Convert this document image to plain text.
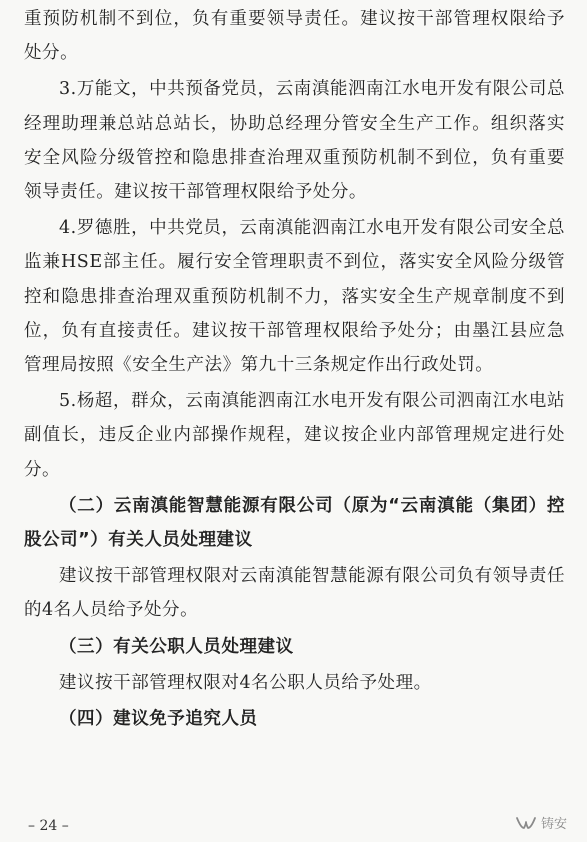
重预防机制不到位，负有重要领导责任。建议按干部管理权限给予处分。

3.万能文，中共预备党员，云南滇能泗南江水电开发有限公司总经理助理兼总站总站长，协助总经理分管安全生产工作。组织落实安全风险分级管控和隐患排查治理双重预防机制不到位，负有重要领导责任。建议按干部管理权限给予处分。

4.罗德胜，中共党员，云南滇能泗南江水电开发有限公司安全总监兼HSE部主任。履行安全管理职责不到位，落实安全风险分级管控和隐患排查治理双重预防机制不力，落实安全生产规章制度不到位，负有直接责任。建议按干部管理权限给予处分；由墨江县应急管理局按照《安全生产法》第九十三条规定作出行政处罚。

5.杨超，群众，云南滇能泗南江水电开发有限公司泗南江水电站副值长，违反企业内部操作规程，建议按企业内部管理规定进行处分。

（二）云南滇能智慧能源有限公司（原为“云南滇能（集团）控股公司”）有关人员处理建议

建议按干部管理权限对云南滇能智慧能源有限公司负有领导责任的4名人员给予处分。

（三）有关公职人员处理建议

建议按干部管理权限对4名公职人员给予处理。

（四）建议免予追究人员

– 24 –	铸安
